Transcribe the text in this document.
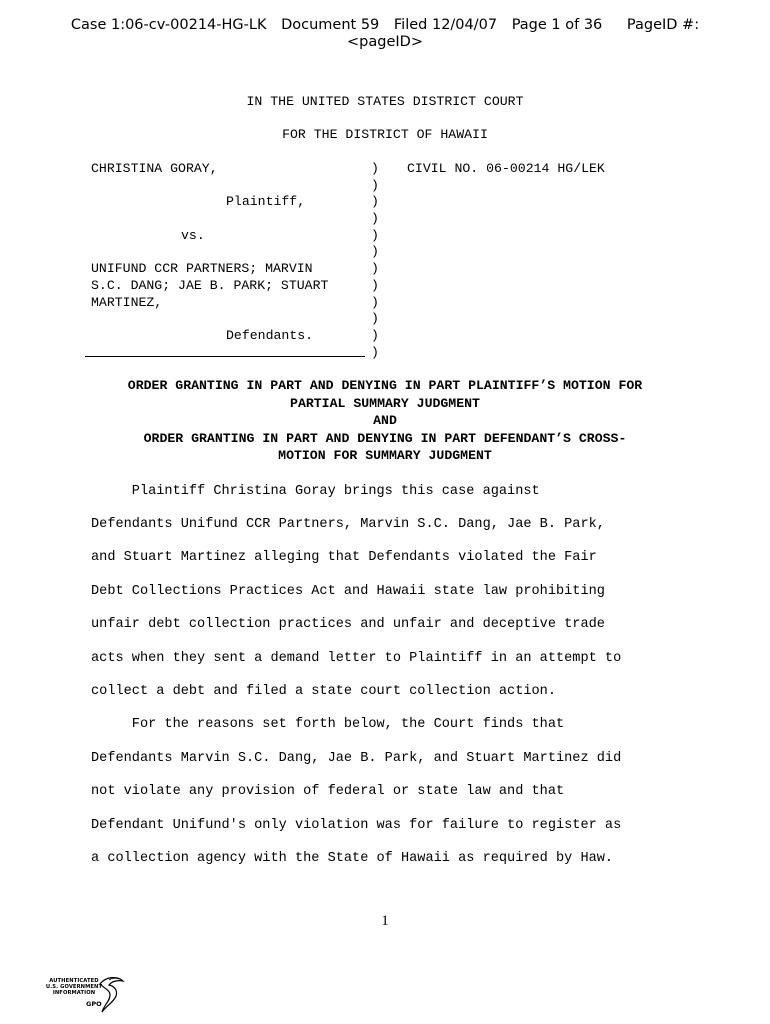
Case 1:06-cv-00214-HG-LK Document 59 Filed 12/04/07 Page 1 of 36 PageID #:
<pageID>
IN THE UNITED STATES DISTRICT COURT
FOR THE DISTRICT OF HAWAII
CHRISTINA GORAY,
Plaintiff,
vs.
UNIFUND CCR PARTNERS; MARVIN
S.C. DANG; JAE B. PARK; STUART
MARTINEZ,
Defendants.
)
)
)
)
)
)
)
)
)
)
)
)
CIVIL NO. 06-00214 HG/LEK
ORDER GRANTING IN PART AND DENYING IN PART PLAINTIFF’S MOTION FOR
PARTIAL SUMMARY JUDGMENT
AND
ORDER GRANTING IN PART AND DENYING IN PART DEFENDANT’S CROSS-
MOTION FOR SUMMARY JUDGMENT
Plaintiff Christina Goray brings this case against
Defendants Unifund CCR Partners, Marvin S.C. Dang, Jae B. Park,
and Stuart Martinez alleging that Defendants violated the Fair
Debt Collections Practices Act and Hawaii state law prohibiting
unfair debt collection practices and unfair and deceptive trade
acts when they sent a demand letter to Plaintiff in an attempt to
collect a debt and filed a state court collection action.
For the reasons set forth below, the Court finds that
Defendants Marvin S.C. Dang, Jae B. Park, and Stuart Martinez did
not violate any provision of federal or state law and that
Defendant Unifund's only violation was for failure to register as
a collection agency with the State of Hawaii as required by Haw.
1
AUTHENTICATED
U.S. GOVERNMENT
INFORMATION
GPO
